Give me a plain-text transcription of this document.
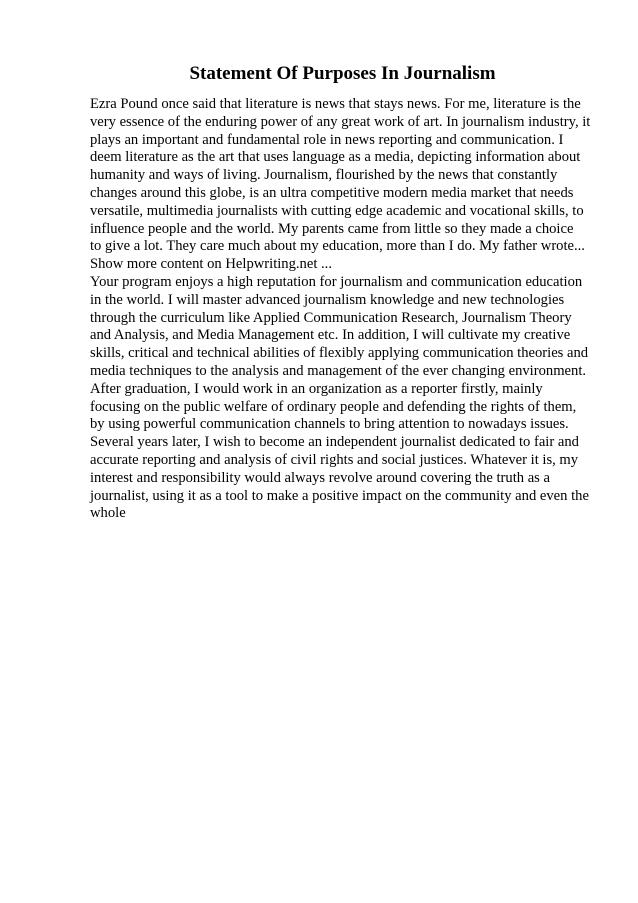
Statement Of Purposes In Journalism
Ezra Pound once said that literature is news that stays news. For me, literature is the
very essence of the enduring power of any great work of art. In journalism industry, it
plays an important and fundamental role in news reporting and communication. I
deem literature as the art that uses language as a media, depicting information about
humanity and ways of living. Journalism, flourished by the news that constantly
changes around this globe, is an ultra competitive modern media market that needs
versatile, multimedia journalists with cutting edge academic and vocational skills, to
influence people and the world. My parents came from little so they made a choice
to give a lot. They care much about my education, more than I do. My father wrote...
Show more content on Helpwriting.net ...
Your program enjoys a high reputation for journalism and communication education
in the world. I will master advanced journalism knowledge and new technologies
through the curriculum like Applied Communication Research, Journalism Theory
and Analysis, and Media Management etc. In addition, I will cultivate my creative
skills, critical and technical abilities of flexibly applying communication theories and
media techniques to the analysis and management of the ever changing environment.
After graduation, I would work in an organization as a reporter firstly, mainly
focusing on the public welfare of ordinary people and defending the rights of them,
by using powerful communication channels to bring attention to nowadays issues.
Several years later, I wish to become an independent journalist dedicated to fair and
accurate reporting and analysis of civil rights and social justices. Whatever it is, my
interest and responsibility would always revolve around covering the truth as a
journalist, using it as a tool to make a positive impact on the community and even the
whole
